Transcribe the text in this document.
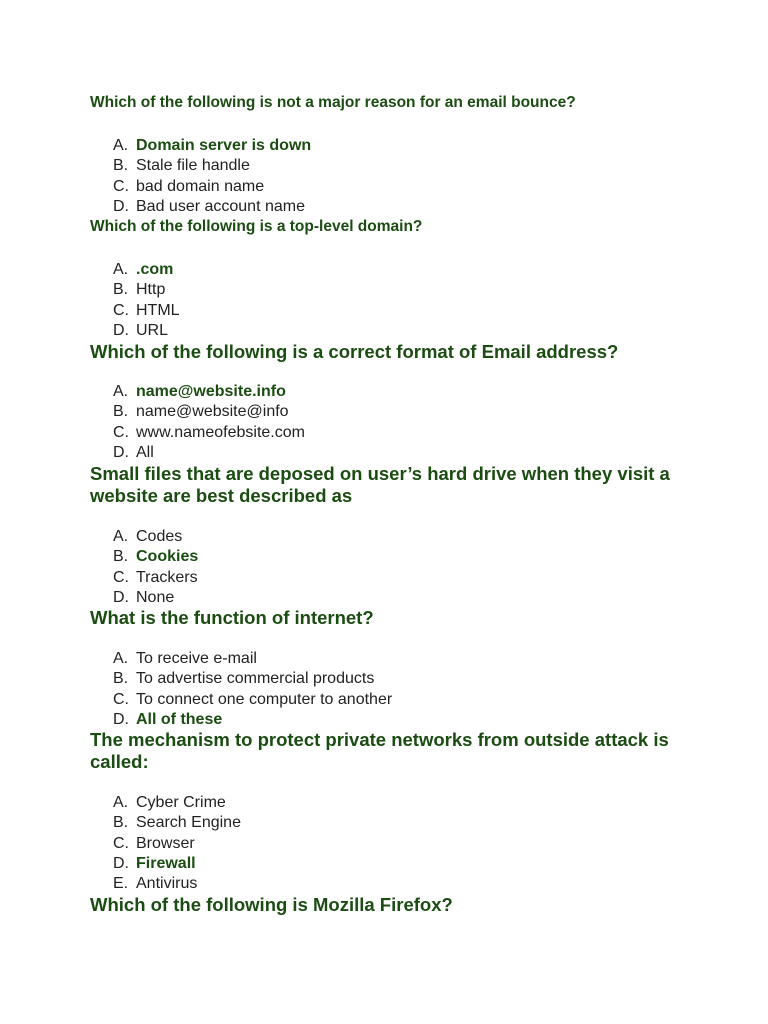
Which of the following is not a major reason for an email bounce?

A. Domain server is down
B. Stale file handle
C. bad domain name
D. Bad user account name

Which of the following is a top-level domain?

A. .com
B. Http
C. HTML
D. URL

Which of the following is a correct format of Email address?

A. name@website.info
B. name@website@info
C. www.nameofebsite.com
D. All

Small files that are deposed on user’s hard drive when they visit a website are best described as

A. Codes
B. Cookies
C. Trackers
D. None

What is the function of internet?

A. To receive e-mail
B. To advertise commercial products
C. To connect one computer to another
D. All of these

The mechanism to protect private networks from outside attack is called:

A. Cyber Crime
B. Search Engine
C. Browser
D. Firewall
E. Antivirus

Which of the following is Mozilla Firefox?
